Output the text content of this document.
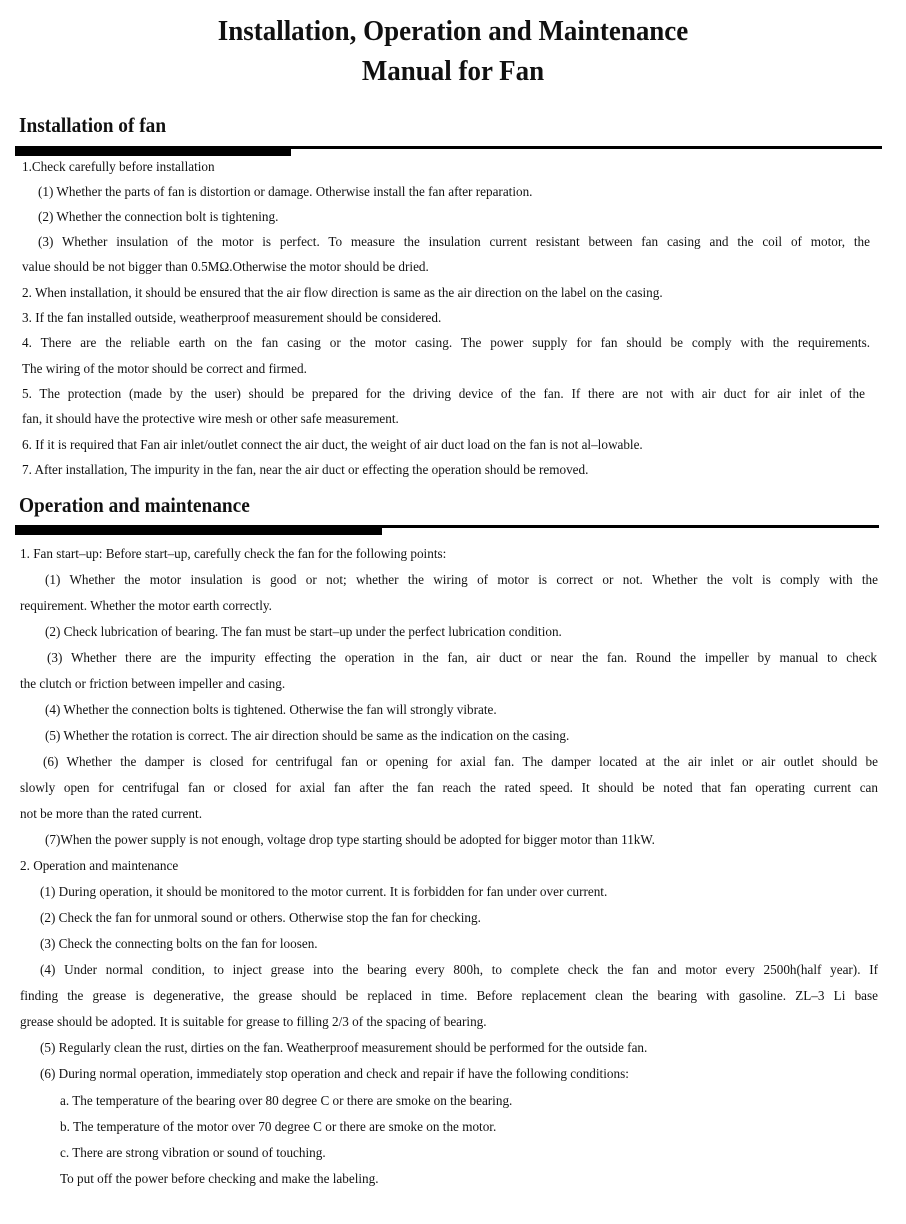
Installation, Operation and Maintenance
Manual for Fan
Installation of fan
1.Check carefully before installation
(1) Whether the parts of fan is distortion or damage. Otherwise install the fan after reparation.
(2) Whether the connection bolt is tightening.
(3) Whether insulation of the motor is perfect. To measure the insulation current resistant between fan casing and the coil of motor, the
value should be not bigger than 0.5MΩ.Otherwise the motor should be dried.
2. When installation, it should be ensured that the air flow direction is same as the air direction on the label on the casing.
3. If the fan installed outside, weatherproof measurement should be considered.
4. There are the reliable earth on the fan casing or the motor casing. The power supply for fan should be comply with the requirements.
The wiring of the motor should be correct and firmed.
5. The protection (made by the user) should be prepared for the driving device of the fan. If there are not with air duct for air inlet of the
fan, it should have the protective wire mesh or other safe measurement.
6. If it is required that Fan air inlet/outlet connect the air duct, the weight of air duct load on the fan is not al–lowable.
7. After installation, The impurity in the fan, near the air duct or effecting the operation should be removed.
Operation and maintenance
1. Fan start–up: Before start–up, carefully check the fan for the following points:
(1) Whether the motor insulation is good or not; whether the wiring of motor is correct or not. Whether the volt is comply with the
requirement. Whether the motor earth correctly.
(2) Check lubrication of bearing. The fan must be start–up under the perfect lubrication condition.
(3) Whether there are the impurity effecting the operation in the fan, air duct or near the fan. Round the impeller by manual to check
the clutch or friction between impeller and casing.
(4) Whether the connection bolts is tightened. Otherwise the fan will strongly vibrate.
(5) Whether the rotation is correct. The air direction should be same as the indication on the casing.
(6) Whether the damper is closed for centrifugal fan or opening for axial fan. The damper located at the air inlet or air outlet should be
slowly open for centrifugal fan or closed for axial fan after the fan reach the rated speed. It should be noted that fan operating current can
not be more than the rated current.
(7)When the power supply is not enough, voltage drop type starting should be adopted for bigger motor than 11kW.
2. Operation and maintenance
(1) During operation, it should be monitored to the motor current. It is forbidden for fan under over current.
(2) Check the fan for unmoral sound or others. Otherwise stop the fan for checking.
(3) Check the connecting bolts on the fan for loosen.
(4) Under normal condition, to inject grease into the bearing every 800h, to complete check the fan and motor every 2500h(half year). If
finding the grease is degenerative, the grease should be replaced in time. Before replacement clean the bearing with gasoline. ZL–3 Li base
grease should be adopted. It is suitable for grease to filling 2/3 of the spacing of bearing.
(5) Regularly clean the rust, dirties on the fan. Weatherproof measurement should be performed for the outside fan.
(6) During normal operation, immediately stop operation and check and repair if have the following conditions:
a. The temperature of the bearing over 80 degree C or there are smoke on the bearing.
b. The temperature of the motor over 70 degree C or there are smoke on the motor.
c. There are strong vibration or sound of touching.
To put off the power before checking and make the labeling.
